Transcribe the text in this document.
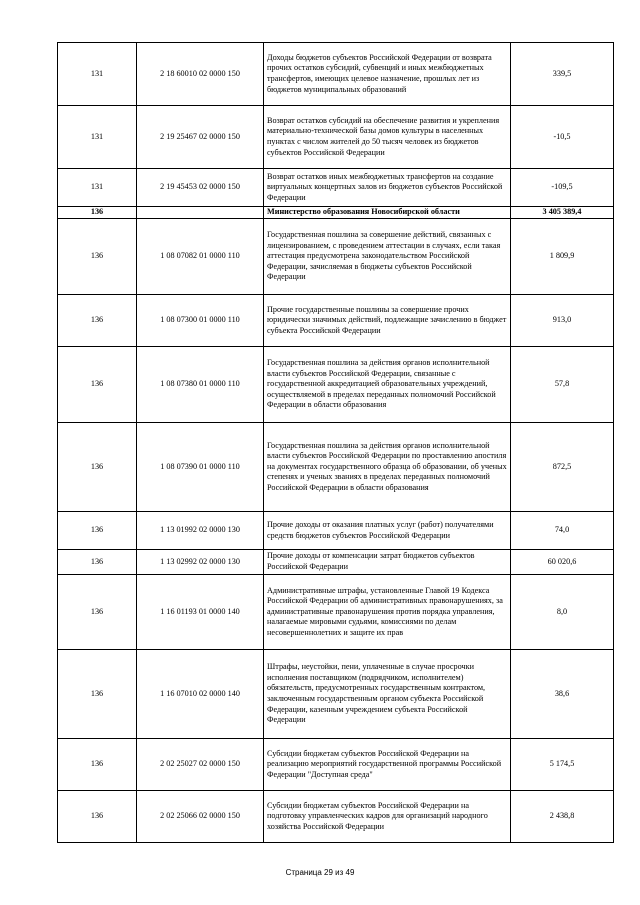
131	2 18 60010 02 0000 150	Доходы бюджетов субъектов Российской Федерации от возврата прочих остатков субсидий, субвенций и иных межбюджетных трансфертов, имеющих целевое назначение, прошлых лет из бюджетов муниципальных образований	339,5
131	2 19 25467 02 0000 150	Возврат остатков субсидий на обеспечение развития и укрепления материально-технической базы домов культуры в населенных пунктах с числом жителей до 50 тысяч человек из бюджетов субъектов Российской Федерации	-10,5
131	2 19 45453 02 0000 150	Возврат остатков иных межбюджетных трансфертов на создание виртуальных концертных залов из бюджетов субъектов Российской Федерации	-109,5
136		Министерство образования Новосибирской области	3 405 389,4
136	1 08 07082 01 0000 110	Государственная пошлина за совершение действий, связанных с лицензированием, с проведением аттестации в случаях, если такая аттестация предусмотрена законодательством Российской Федерации, зачисляемая в бюджеты субъектов Российской Федерации	1 809,9
136	1 08 07300 01 0000 110	Прочие государственные пошлины за совершение прочих юридически значимых действий, подлежащие зачислению в бюджет субъекта Российской Федерации	913,0
136	1 08 07380 01 0000 110	Государственная пошлина за действия органов исполнительной власти субъектов Российской Федерации, связанные с государственной аккредитацией образовательных учреждений, осуществляемой в пределах переданных полномочий Российской Федерации в области образования	57,8
136	1 08 07390 01 0000 110	Государственная пошлина за действия органов исполнительной власти субъектов Российской Федерации по проставлению апостиля на документах государственного образца об образовании, об ученых степенях и ученых званиях в пределах переданных полномочий Российской Федерации в области образования	872,5
136	1 13 01992 02 0000 130	Прочие доходы от оказания платных услуг (работ) получателями средств бюджетов субъектов Российской Федерации	74,0
136	1 13 02992 02 0000 130	Прочие доходы от компенсации затрат бюджетов субъектов Российской Федерации	60 020,6
136	1 16 01193 01 0000 140	Административные штрафы, установленные Главой 19 Кодекса Российской Федерации об административных правонарушениях, за административные правонарушения против порядка управления, налагаемые мировыми судьями, комиссиями по делам несовершеннолетних и защите их прав	8,0
136	1 16 07010 02 0000 140	Штрафы, неустойки, пени, уплаченные в случае просрочки исполнения поставщиком (подрядчиком, исполнителем) обязательств, предусмотренных государственным контрактом, заключенным государственным органом субъекта Российской Федерации, казенным учреждением субъекта Российской Федерации	38,6
136	2 02 25027 02 0000 150	Субсидии бюджетам субъектов Российской Федерации на реализацию мероприятий государственной программы Российской Федерации "Доступная среда"	5 174,5
136	2 02 25066 02 0000 150	Субсидии бюджетам субъектов Российской Федерации на подготовку управленческих кадров для организаций народного хозяйства Российской Федерации	2 438,8
Страница 29 из 49
